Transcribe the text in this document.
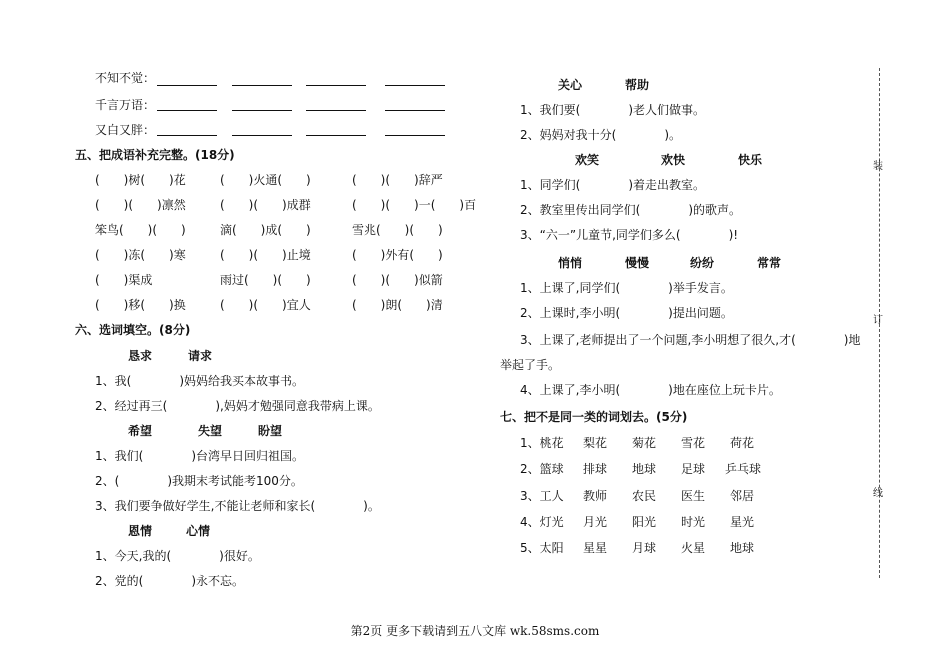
不知不觉：
千言万语：
又白又胖：
五、把成语补充完整。(18分)
(　　)树(　　)花	(　　)火通(　　)	(　　)(　　)辞严
(　　)(　　)凛然	(　　)(　　)成群	(　　)(　　)一(　　)百
笨鸟(　　)(　　)	滴(　　)成(　　)	雪兆(　　)(　　)
(　　)冻(　　)寒	(　　)(　　)止境	(　　)外有(　　)
(　　)渠成	雨过(　　)(　　)	(　　)(　　)似箭
(　　)移(　　)换	(　　)(　　)宜人	(　　)朗(　　)清
六、选词填空。(8分)
恳求	请求
1、我(　　　　)妈妈给我买本故事书。
2、经过再三(　　　　),妈妈才勉强同意我带病上课。
希望	失望	盼望
1、我们(　　　　)台湾早日回归祖国。
2、(　　　　)我期末考试能考100分。
3、我们要争做好学生,不能让老师和家长(　　　　)。
恩情	心情
1、今天,我的(　　　　)很好。
2、党的(　　　　)永不忘。
关心	帮助
1、我们要(　　　　)老人们做事。
2、妈妈对我十分(　　　　)。
欢笑	欢快	快乐
1、同学们(　　　　)着走出教室。
2、教室里传出同学们(　　　　)的歌声。
3、“六一”儿童节,同学们多么(　　　　)!
悄悄	慢慢	纷纷	常常
1、上课了,同学们(　　　　)举手发言。
2、上课时,李小明(　　　　)提出问题。
3、上课了,老师提出了一个问题,李小明想了很久,才(　　　　)地
举起了手。
4、上课了,李小明(　　　　)地在座位上玩卡片。
七、把不是同一类的词划去。(5分)
1、桃花 梨花 菊花 雪花 荷花
2、篮球 排球 地球 足球 乒乓球
3、工人 教师 农民 医生 邻居
4、灯光 月光 阳光 时光 星光
5、太阳 星星 月球 火星 地球
装
订
线
第2页 更多下载请到五八文库 wk.58sms.com
